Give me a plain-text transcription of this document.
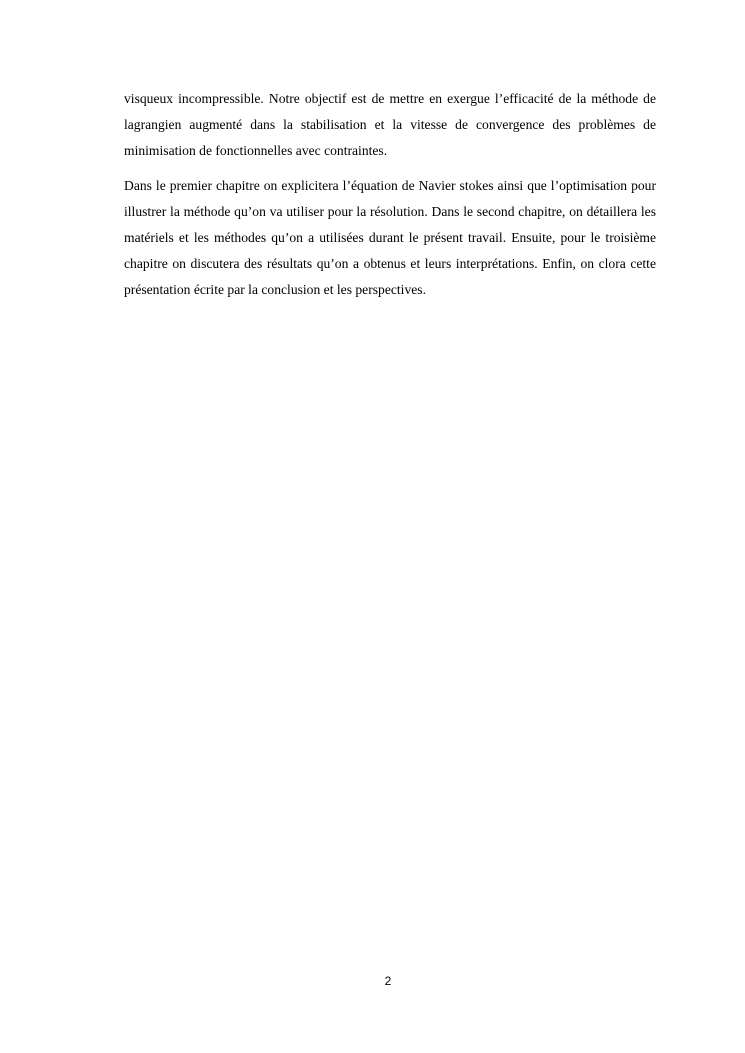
visqueux incompressible. Notre objectif est de mettre en exergue l’efficacité de la méthode de lagrangien augmenté dans la stabilisation et la vitesse de convergence des problèmes de minimisation de fonctionnelles avec contraintes.

Dans le premier chapitre on explicitera l’équation de Navier stokes ainsi que l’optimisation pour illustrer la méthode qu’on va utiliser pour la résolution. Dans le second chapitre, on détaillera les matériels et les méthodes qu’on a utilisées durant le présent travail. Ensuite, pour le troisième chapitre on discutera des résultats qu’on a obtenus et leurs interprétations. Enfin, on clora cette présentation écrite par la conclusion et les perspectives.

2
